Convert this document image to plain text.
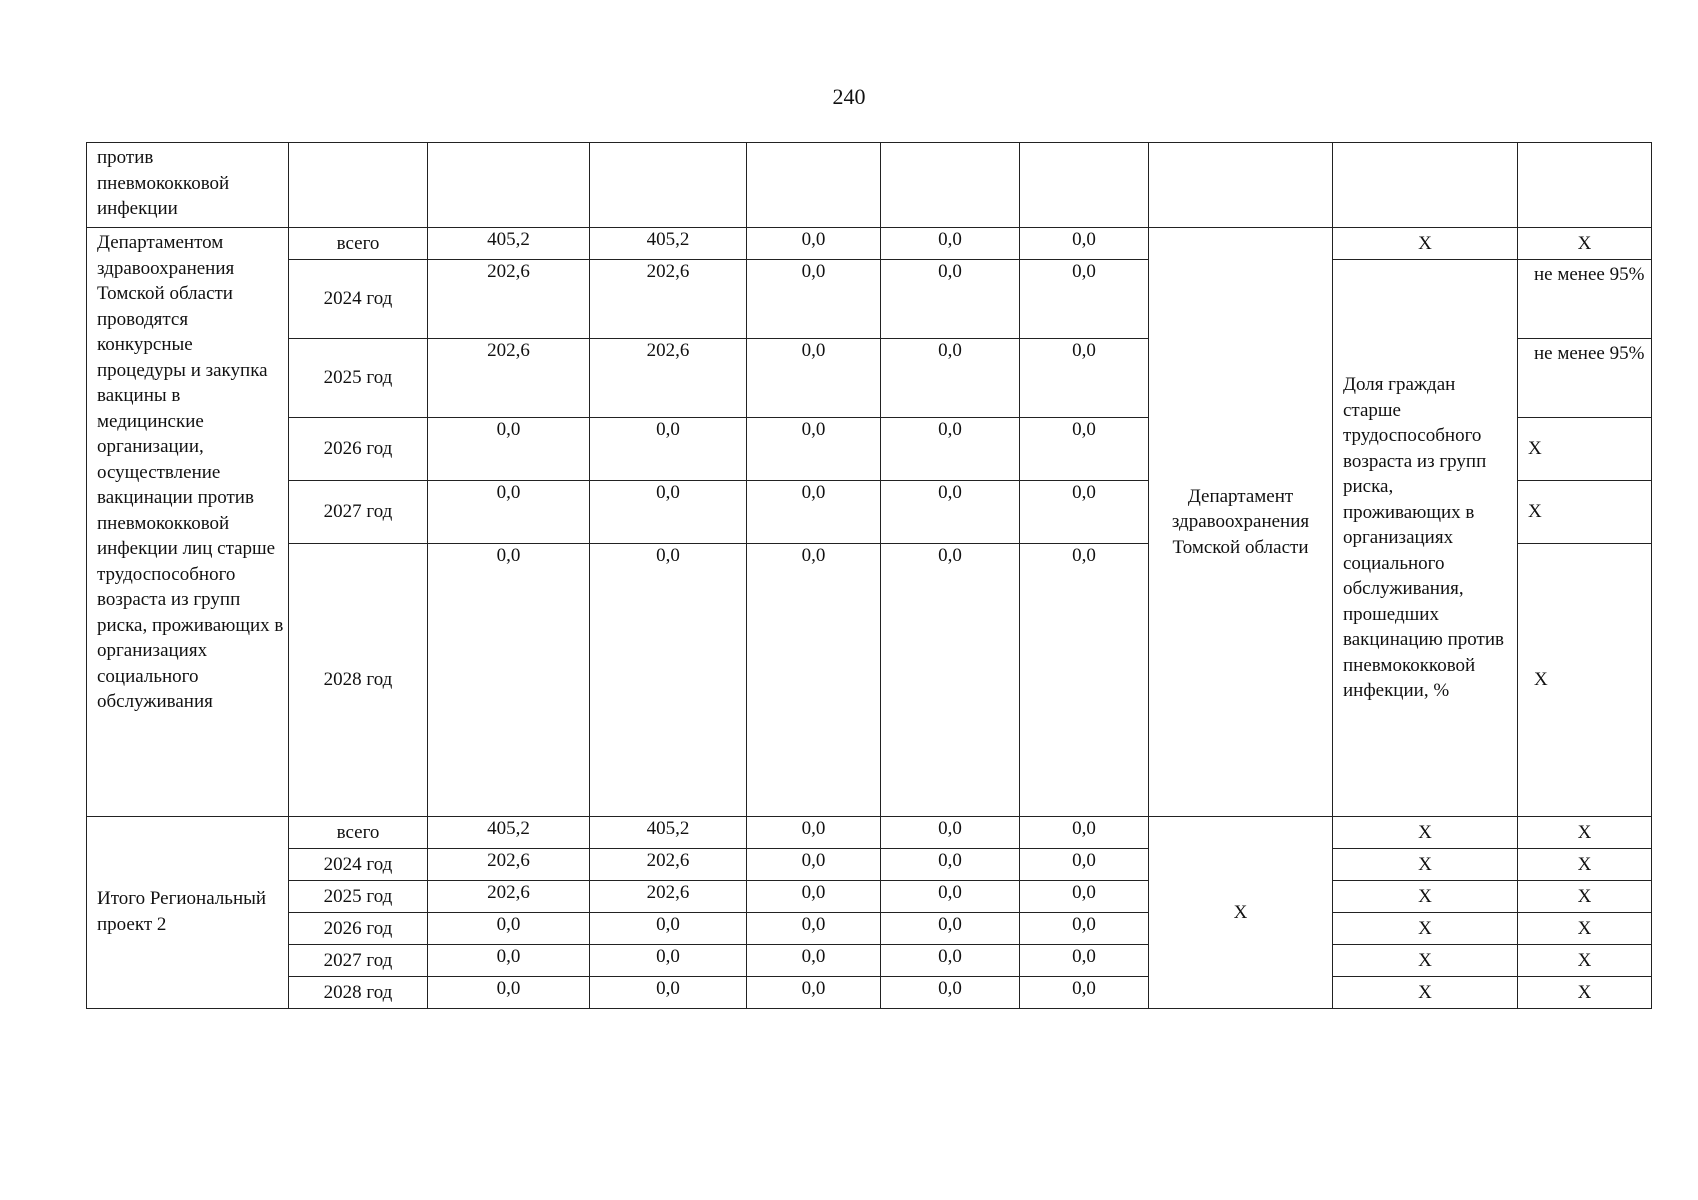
240
против пневмококковой инфекции									
Департаментом здравоохранения Томской области проводятся конкурсные процедуры и закупка вакцины в медицинские организации, осуществление вакцинации против пневмококковой инфекции лиц старше трудоспособного возраста из групп риска, проживающих в организациях социального обслуживания	всего	405,2	405,2	0,0	0,0	0,0	Департамент здравоохранения Томской области	X	X
	2024 год	202,6	202,6	0,0	0,0	0,0		Доля граждан старше трудоспособного возраста из групп риска, проживающих в организациях социального обслуживания, прошедших вакцинацию против пневмококковой инфекции, %	не менее 95%
	2025 год	202,6	202,6	0,0	0,0	0,0			не менее 95%
	2026 год	0,0	0,0	0,0	0,0	0,0			X
	2027 год	0,0	0,0	0,0	0,0	0,0			X
	2028 год	0,0	0,0	0,0	0,0	0,0			X
Итого Региональный проект 2	всего	405,2	405,2	0,0	0,0	0,0	X	X	X
	2024 год	202,6	202,6	0,0	0,0	0,0		X	X
	2025 год	202,6	202,6	0,0	0,0	0,0		X	X
	2026 год	0,0	0,0	0,0	0,0	0,0		X	X
	2027 год	0,0	0,0	0,0	0,0	0,0		X	X
	2028 год	0,0	0,0	0,0	0,0	0,0		X	X
